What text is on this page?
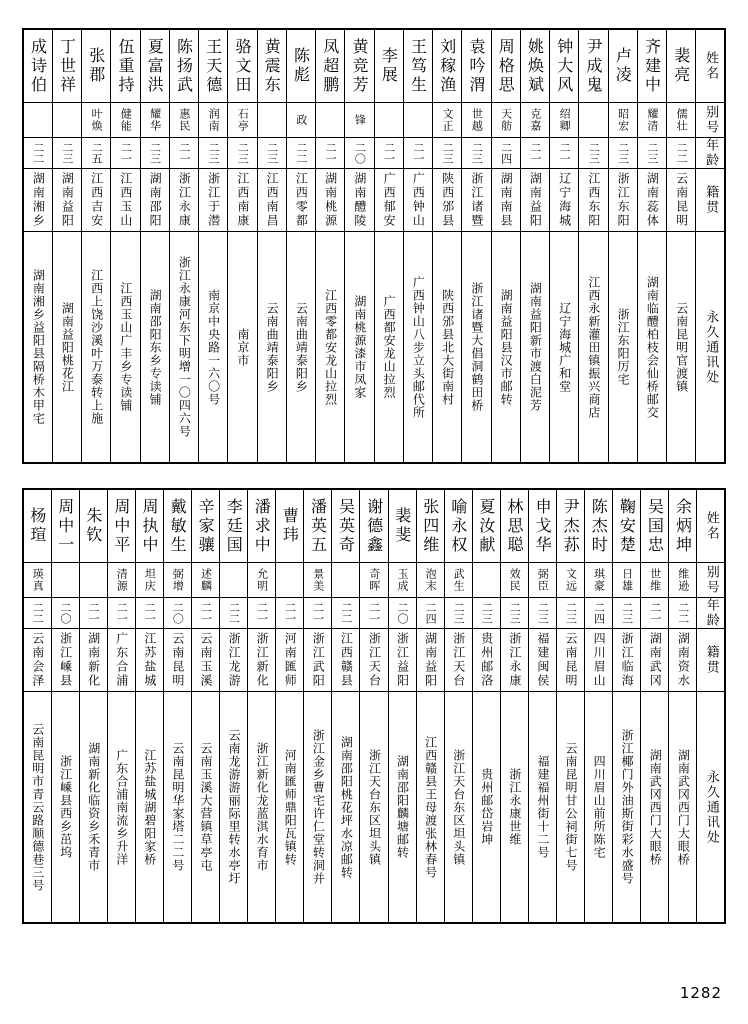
成诗伯	丁世祥	张郡	伍重持	夏富洪	陈扬武	王天德	骆文田	黄震东	陈彪	凤超鹏	黄竞芳	李展	王笃生	刘稼渔	袁吟渭	周格思	姚焕斌	钟大风	尹成鬼	卢凌	齐建中	裴亮	姓名

		叶焕	健能	耀华	惠民	润南	石亭		政		锋			文正	世越	天舫	克嘉	绍卿		昭宏	耀清	儒壮	别号

二二	二三	二五	二一	二三	二一	二三	二三	二三	二二	二一	二〇	二一	二一	二三	二三	二四	二一	二一	二三	二三	二三	二二	年龄

湖南湘乡	湖南益阳	江西吉安	江西玉山	湖南邵阳	浙江永康	浙江于潜	江西南康	江西南昌	江西零都	湖南桃源	湖南醴陵	广西郁安	广西钟山	陕西邠县	浙江诸暨	湖南南县	湖南益阳	辽宁海城	江西东阳	浙江东阳	湖南蕊体	云南昆明	籍贯

湖南湘乡益阳县隔桥木甲宅	湖南益阳桃花江	江西上饶沙溪叶万泰转上施	江西玉山广丰乡专读铺	湖南邵阳东乡专读铺	浙江永康河东下明增一〇四六号	南京中央路一六〇号	南京市	云南曲靖泰阳乡	云南曲靖泰阳乡	江西零都安龙山拉烈	湖南桃源漆市凤家	广西都安龙山拉烈	广西钟山八步立头邮代所	陕西邠县北大街南村	浙江诸暨大倡洞鹤田桥	湖南益阳县汉市邮转	湖南益阳新市渡白泥芳	辽宁海城广和堂	江西永新灌田镇振兴商店	浙江东阳厉宅	湖南临醴柏枝会仙桥邮交	云南昆明官渡镇	永久通讯处
杨瑄	周中一	朱钦	周中平	周执中	戴敏生	辛家骧	李廷国	潘求中	曹玮	潘英五	吴英奇	谢德鑫	裴斐	张四维	喻永权	夏汝献	林思聪	申戈华	尹杰荪	陈杰时	鞠安楚	吴国忠	余炳坤	姓名

瑛真			清源	坦庆	弼增	述麟		允明		景美		奇晖	玉成	泡末	武生		效民	弼臣	文远	琪豪	日雄	世维	维逊	别号

二二	二〇	二一	二一	二一	二〇	二一	二二	二一	二一	二一	二二	二一	二〇	二四	二三	二三	二三	二三	二三	二四	二三	二一	二二	年龄

云南会泽	浙江嵊县	湖南新化	广东合浦	江苏盐城	云南昆明	云南玉溪	浙江龙游	浙江新化	河南匯师	浙江武阳	江西赣县	浙江天台	浙江益阳	湖南益阳	浙江天台	贵州邮洛	浙江永康	福建闽侯	云南昆明	四川眉山	浙江临海	湖南武冈	湖南资水	籍贯

云南昆明市青云路顺德巷三号	浙江嵊县西乡茁坞	湖南新化临资乡禾青市	广东合浦南流乡升洋	江苏盐城湖碧阳家桥	云南昆明华家塔二二号	云南玉溪大营镇草亭屯	云南龙游游丽际里转水亭圩	浙江新化龙蓝淇水育市	河南匯师鼎阳瓦镇转	浙江金乡曹宅许仁堂转洞并	湖南邵阳桃花坪水凉邮转	浙江天台东区坦头镇	湖南邵阳麟塘邮转	江西赣县王母渡张林春号	浙江天台东区坦头镇	贵州邮岱岩坤	浙江永康世维	福建福州街十二号	云南昆明甘公祠街七号	四川眉山前所陈宅	浙江椰门外油斯街彩水盛号	湖南武冈西门大眼桥	湖南武冈西门大眼桥	永久通讯处
1282
